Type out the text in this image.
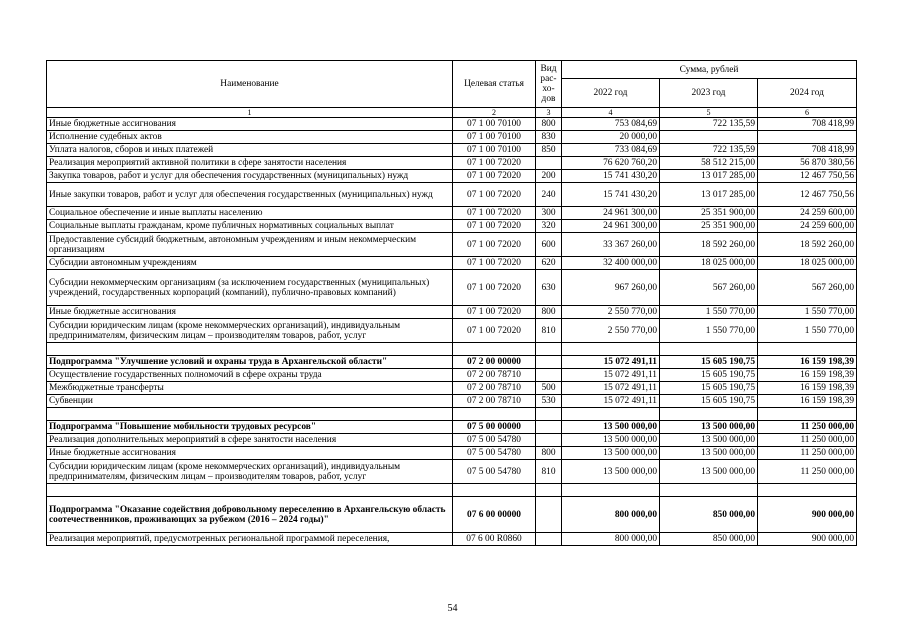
Наименование	Целевая статья	Вид рас-хо-дов	Сумма, рублей		
			2022 год	2023 год	2024 год
1	2	3	4	5	6
Иные бюджетные ассигнования	07 1 00 70100	800	753 084,69	722 135,59	708 418,99
Исполнение судебных актов	07 1 00 70100	830	20 000,00		
Уплата налогов, сборов и иных платежей	07 1 00 70100	850	733 084,69	722 135,59	708 418,99
Реализация мероприятий активной политики в сфере занятости населения	07 1 00 72020		76 620 760,20	58 512 215,00	56 870 380,56
Закупка товаров, работ и услуг для обеспечения государственных (муниципальных) нужд	07 1 00 72020	200	15 741 430,20	13 017 285,00	12 467 750,56
Иные закупки товаров, работ и услуг для обеспечения государственных (муниципальных) нужд	07 1 00 72020	240	15 741 430,20	13 017 285,00	12 467 750,56
Социальное обеспечение и иные выплаты населению	07 1 00 72020	300	24 961 300,00	25 351 900,00	24 259 600,00
Социальные выплаты гражданам, кроме публичных нормативных социальных выплат	07 1 00 72020	320	24 961 300,00	25 351 900,00	24 259 600,00
Предоставление субсидий бюджетным, автономным учреждениям и иным некоммерческим организациям	07 1 00 72020	600	33 367 260,00	18 592 260,00	18 592 260,00
Субсидии автономным учреждениям	07 1 00 72020	620	32 400 000,00	18 025 000,00	18 025 000,00
Субсидии некоммерческим организациям (за исключением государственных (муниципальных) учреждений, государственных корпораций (компаний), публично-правовых компаний)	07 1 00 72020	630	967 260,00	567 260,00	567 260,00
Иные бюджетные ассигнования	07 1 00 72020	800	2 550 770,00	1 550 770,00	1 550 770,00
Субсидии юридическим лицам (кроме некоммерческих организаций), индивидуальным предпринимателям, физическим лицам – производителям товаров, работ, услуг	07 1 00 72020	810	2 550 770,00	1 550 770,00	1 550 770,00

Подпрограмма "Улучшение условий и охраны труда в Архангельской области"	07 2 00 00000		15 072 491,11	15 605 190,75	16 159 198,39
Осуществление государственных полномочий в сфере охраны труда	07 2 00 78710		15 072 491,11	15 605 190,75	16 159 198,39
Межбюджетные трансферты	07 2 00 78710	500	15 072 491,11	15 605 190,75	16 159 198,39
Субвенции	07 2 00 78710	530	15 072 491,11	15 605 190,75	16 159 198,39

Подпрограмма "Повышение мобильности трудовых ресурсов"	07 5 00 00000		13 500 000,00	13 500 000,00	11 250 000,00
Реализация дополнительных мероприятий в сфере занятости населения	07 5 00 54780		13 500 000,00	13 500 000,00	11 250 000,00
Иные бюджетные ассигнования	07 5 00 54780	800	13 500 000,00	13 500 000,00	11 250 000,00
Субсидии юридическим лицам (кроме некоммерческих организаций), индивидуальным предпринимателям, физическим лицам – производителям товаров, работ, услуг	07 5 00 54780	810	13 500 000,00	13 500 000,00	11 250 000,00

Подпрограмма "Оказание содействия добровольному переселению в Архангельскую область соотечественников, проживающих за рубежом (2016 – 2024 годы)"	07 6 00 00000		800 000,00	850 000,00	900 000,00
Реализация мероприятий, предусмотренных региональной программой переселения,	07 6 00 R0860		800 000,00	850 000,00	900 000,00
54
